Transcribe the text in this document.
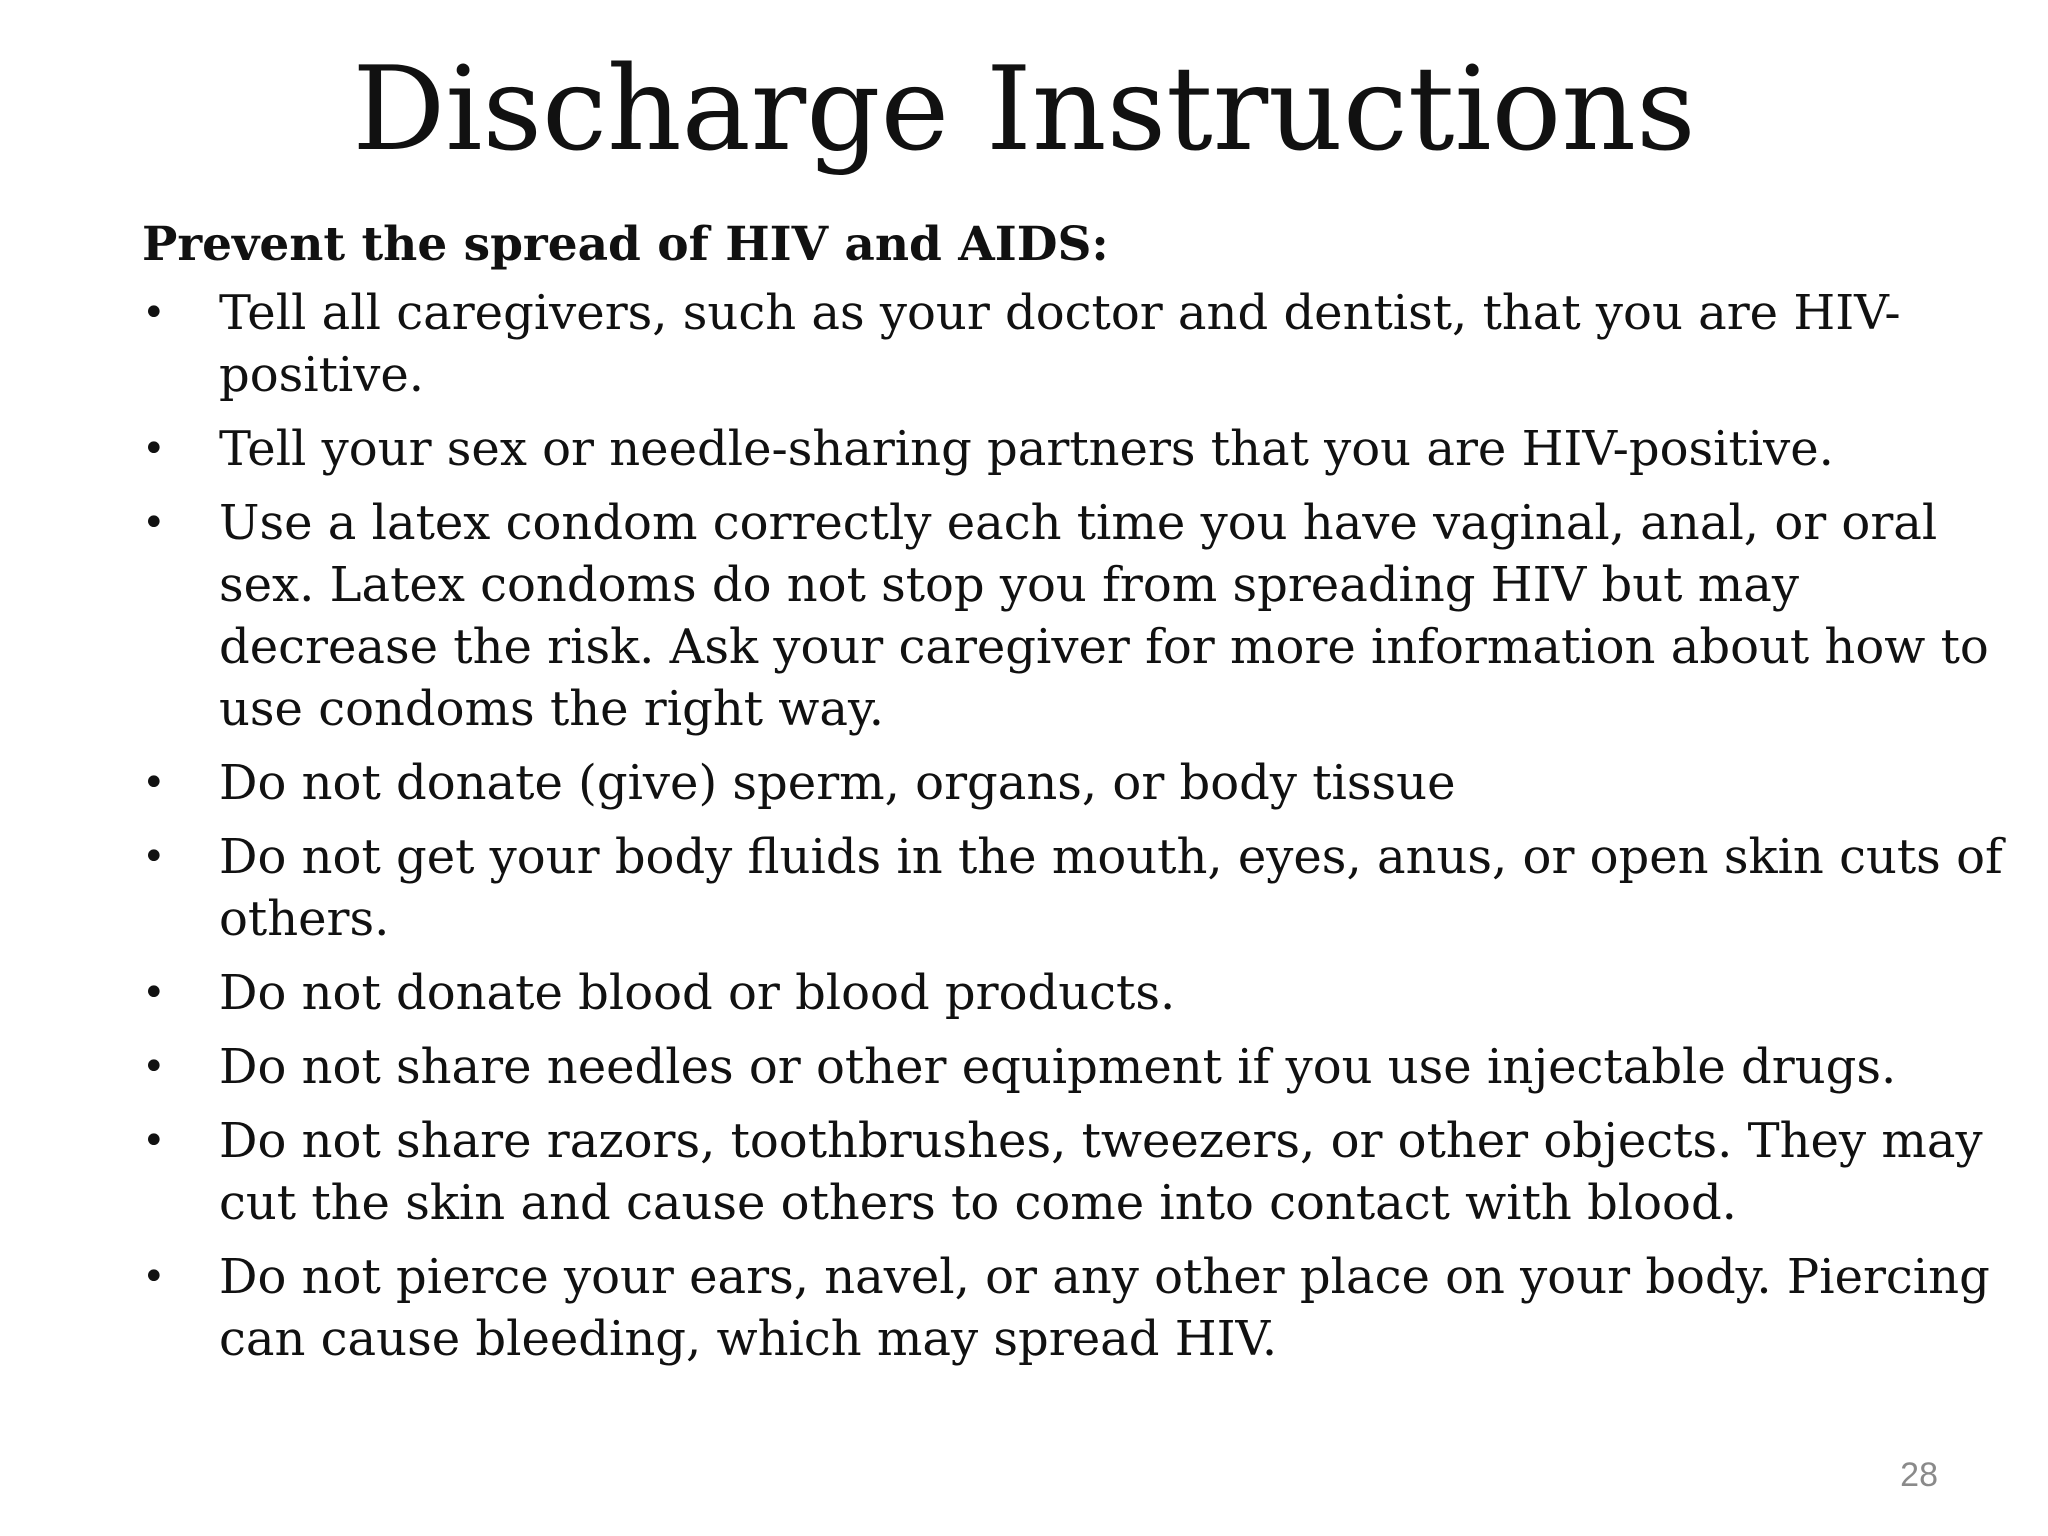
Discharge Instructions
Prevent the spread of HIV and AIDS:
• Tell all caregivers, such as your doctor and dentist, that you are HIV-positive.
• Tell your sex or needle-sharing partners that you are HIV-positive.
• Use a latex condom correctly each time you have vaginal, anal, or oral sex. Latex condoms do not stop you from spreading HIV but may decrease the risk. Ask your caregiver for more information about how to use condoms the right way.
• Do not donate (give) sperm, organs, or body tissue
• Do not get your body fluids in the mouth, eyes, anus, or open skin cuts of others.
• Do not donate blood or blood products.
• Do not share needles or other equipment if you use injectable drugs.
• Do not share razors, toothbrushes, tweezers, or other objects. They may cut the skin and cause others to come into contact with blood.
• Do not pierce your ears, navel, or any other place on your body. Piercing can cause bleeding, which may spread HIV.
28
